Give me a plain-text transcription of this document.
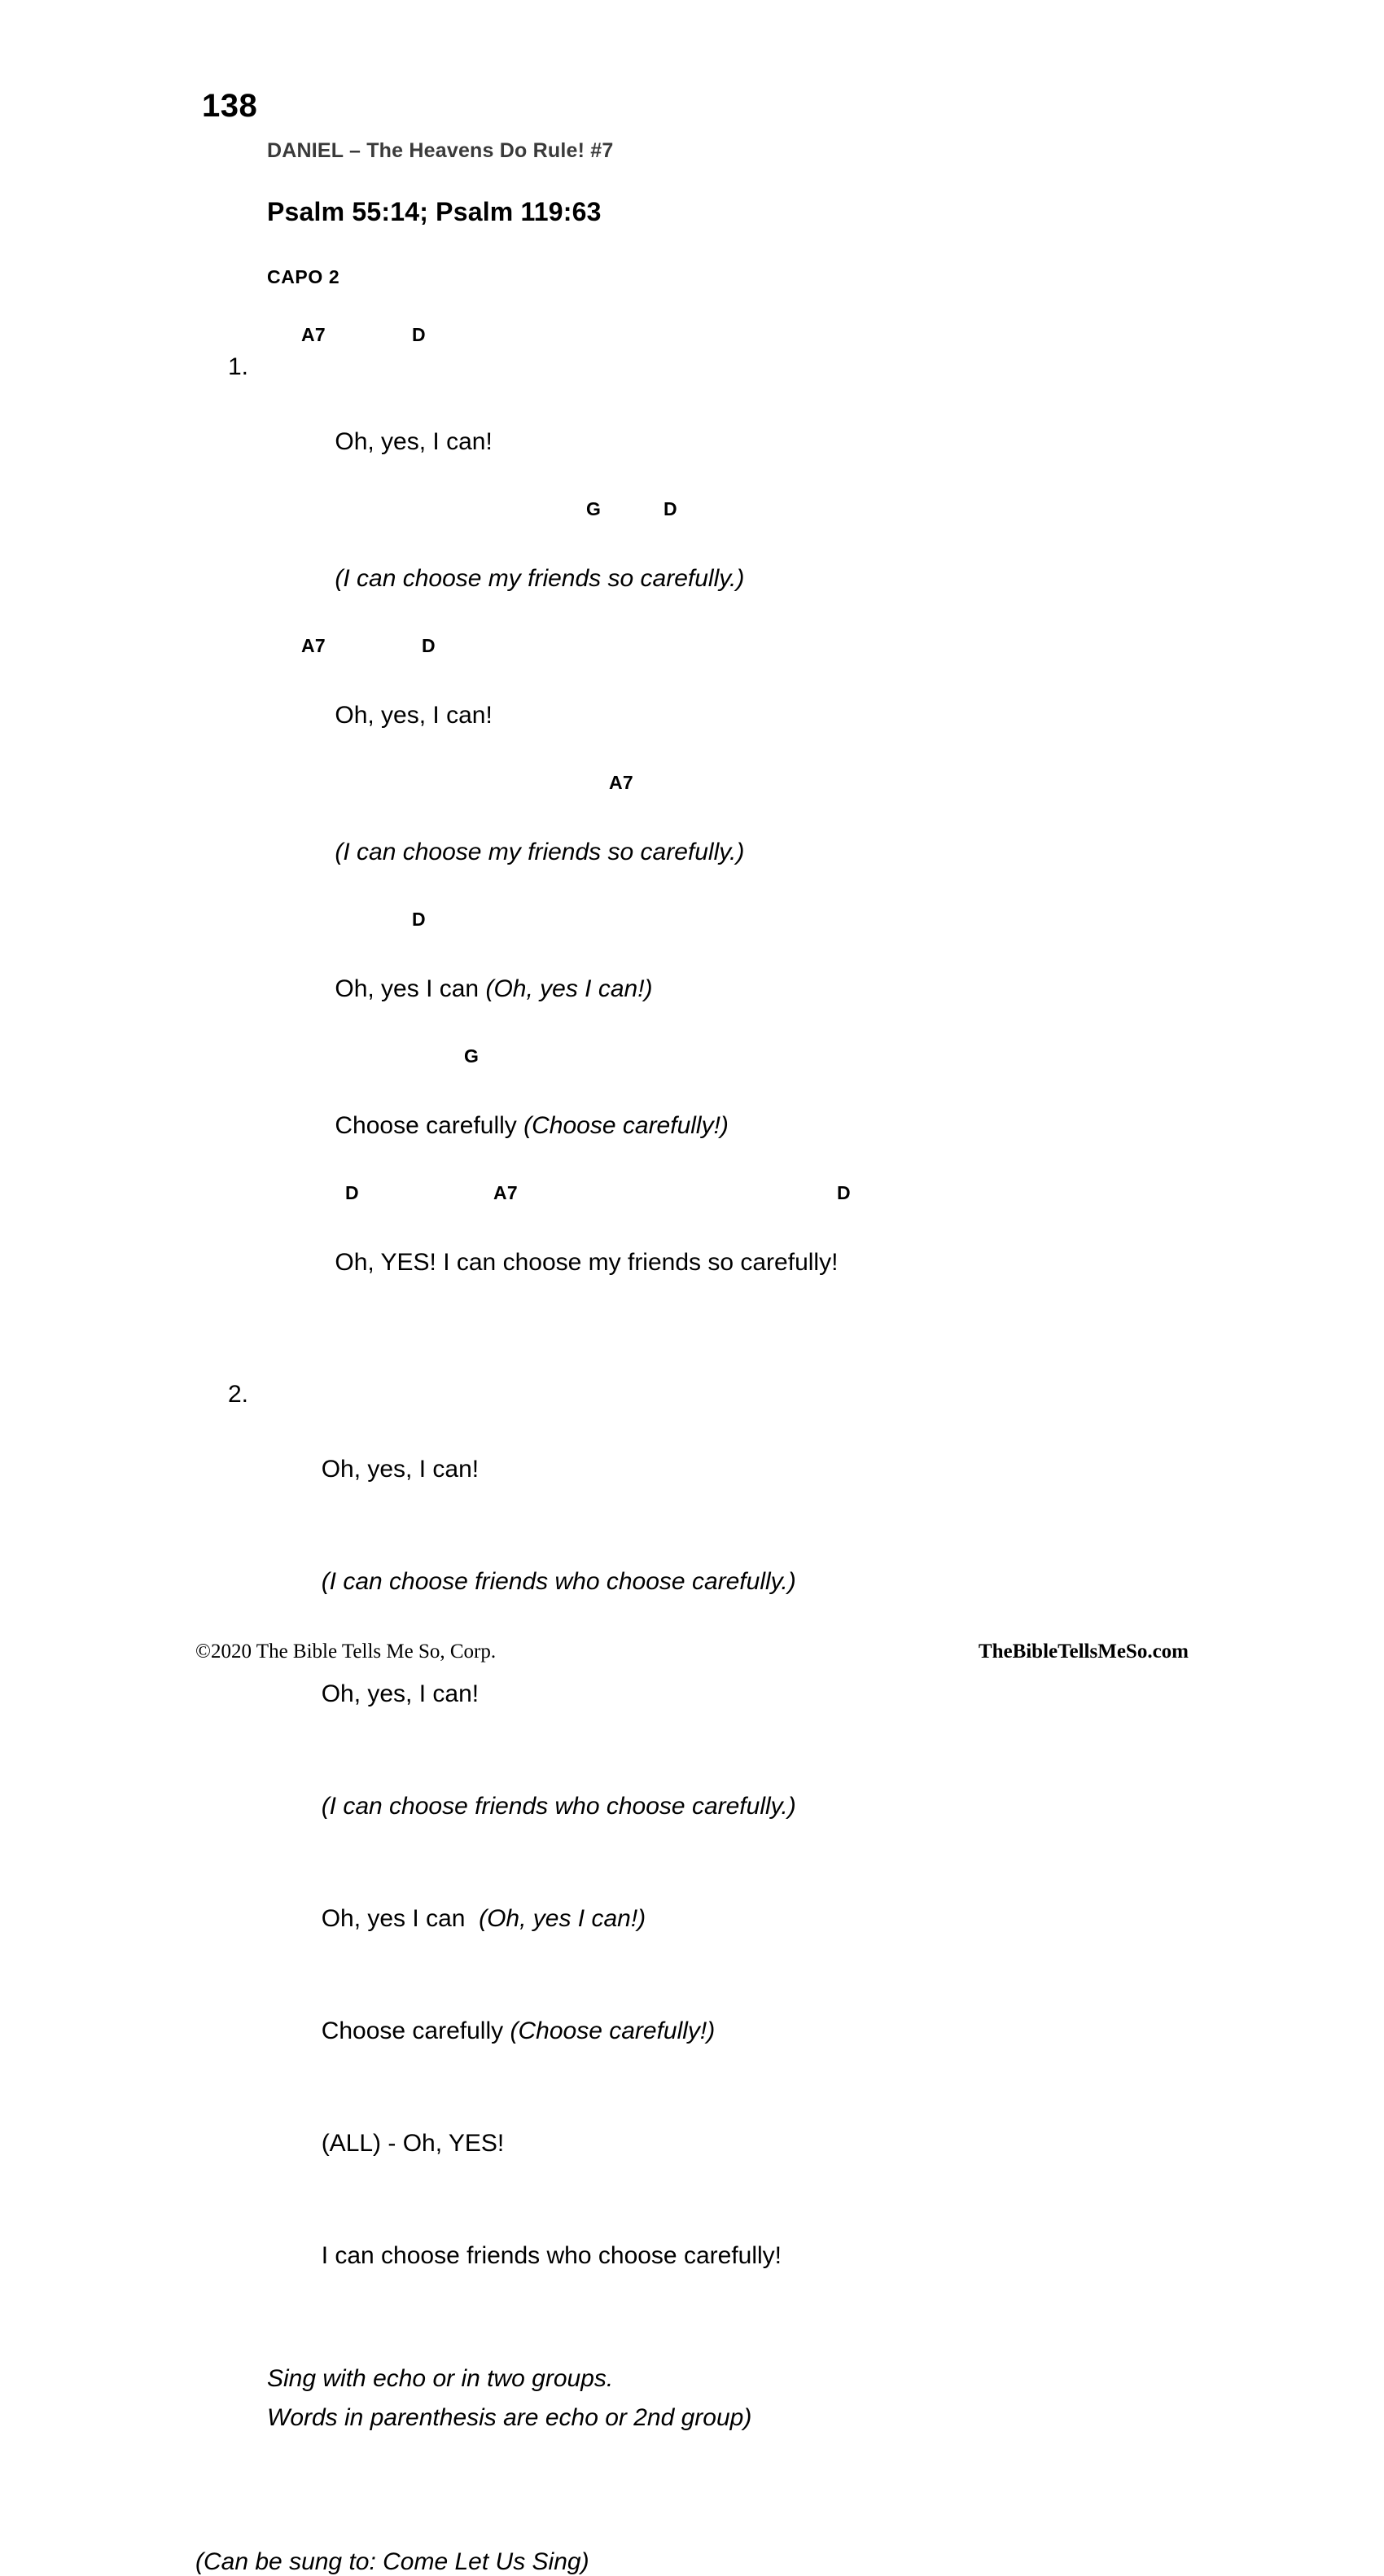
138
DANIEL – The Heavens Do Rule! #7
Psalm 55:14; Psalm 119:63
CAPO 2
A7	D

1.

Oh, yes, I can!

G	D

(I can choose my friends so carefully.)

A7	D

Oh, yes, I can!

A7

(I can choose my friends so carefully.)

D

Oh, yes I can (Oh, yes I can!)

G

Choose carefully (Choose carefully!)

D	A7	D

Oh, YES! I can choose my friends so carefully!

2.

Oh, yes, I can!

(I can choose friends who choose carefully.)

Oh, yes, I can!

(I can choose friends who choose carefully.)

Oh, yes I can  (Oh, yes I can!)

Choose carefully (Choose carefully!)

(ALL) - Oh, YES!

I can choose friends who choose carefully!

Sing with echo or in two groups.
Words in parenthesis are echo or 2nd group)
(Can be sung to: Come Let Us Sing)
©2020 The Bible Tells Me So, Corp.	TheBibleTellsMeSo.com
